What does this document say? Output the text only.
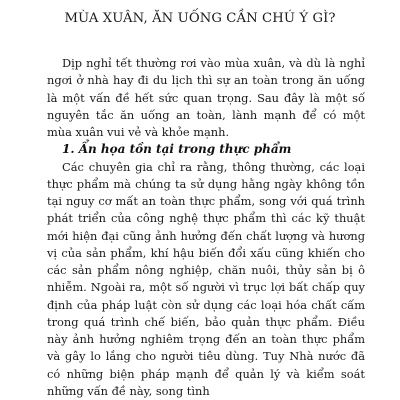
MÙA XUÂN, ĂN UỐNG CẦN CHÚ Ý GÌ?

Dịp nghỉ tết thường rơi vào mùa xuân, và dù là nghỉ ngơi ở nhà hay đi du lịch thì sự an toàn trong ăn uống là một vấn đề hết sức quan trọng. Sau đây là một số nguyên tắc ăn uống an toàn, lành mạnh để có một mùa xuân vui vẻ và khỏe mạnh.

1. Ẩn họa tồn tại trong thực phẩm

Các chuyên gia chỉ ra rằng, thông thường, các loại thực phẩm mà chúng ta sử dụng hằng ngày không tồn tại nguy cơ mất an toàn thực phẩm, song với quá trình phát triển của công nghệ thực phẩm thì các kỹ thuật mới hiện đại cũng ảnh hưởng đến chất lượng và hương vị của sản phẩm, khí hậu biến đổi xấu cũng khiến cho các sản phẩm nông nghiệp, chăn nuôi, thủy sản bị ô nhiễm. Ngoài ra, một số người vì trục lợi bất chấp quy định của pháp luật còn sử dụng các loại hóa chất cấm trong quá trình chế biến, bảo quản thực phẩm. Điều này ảnh hưởng nghiêm trọng đến an toàn thực phẩm và gây lo lắng cho người tiêu dùng. Tuy Nhà nước đã có những biện pháp mạnh để quản lý và kiểm soát những vấn đề này, song tình
